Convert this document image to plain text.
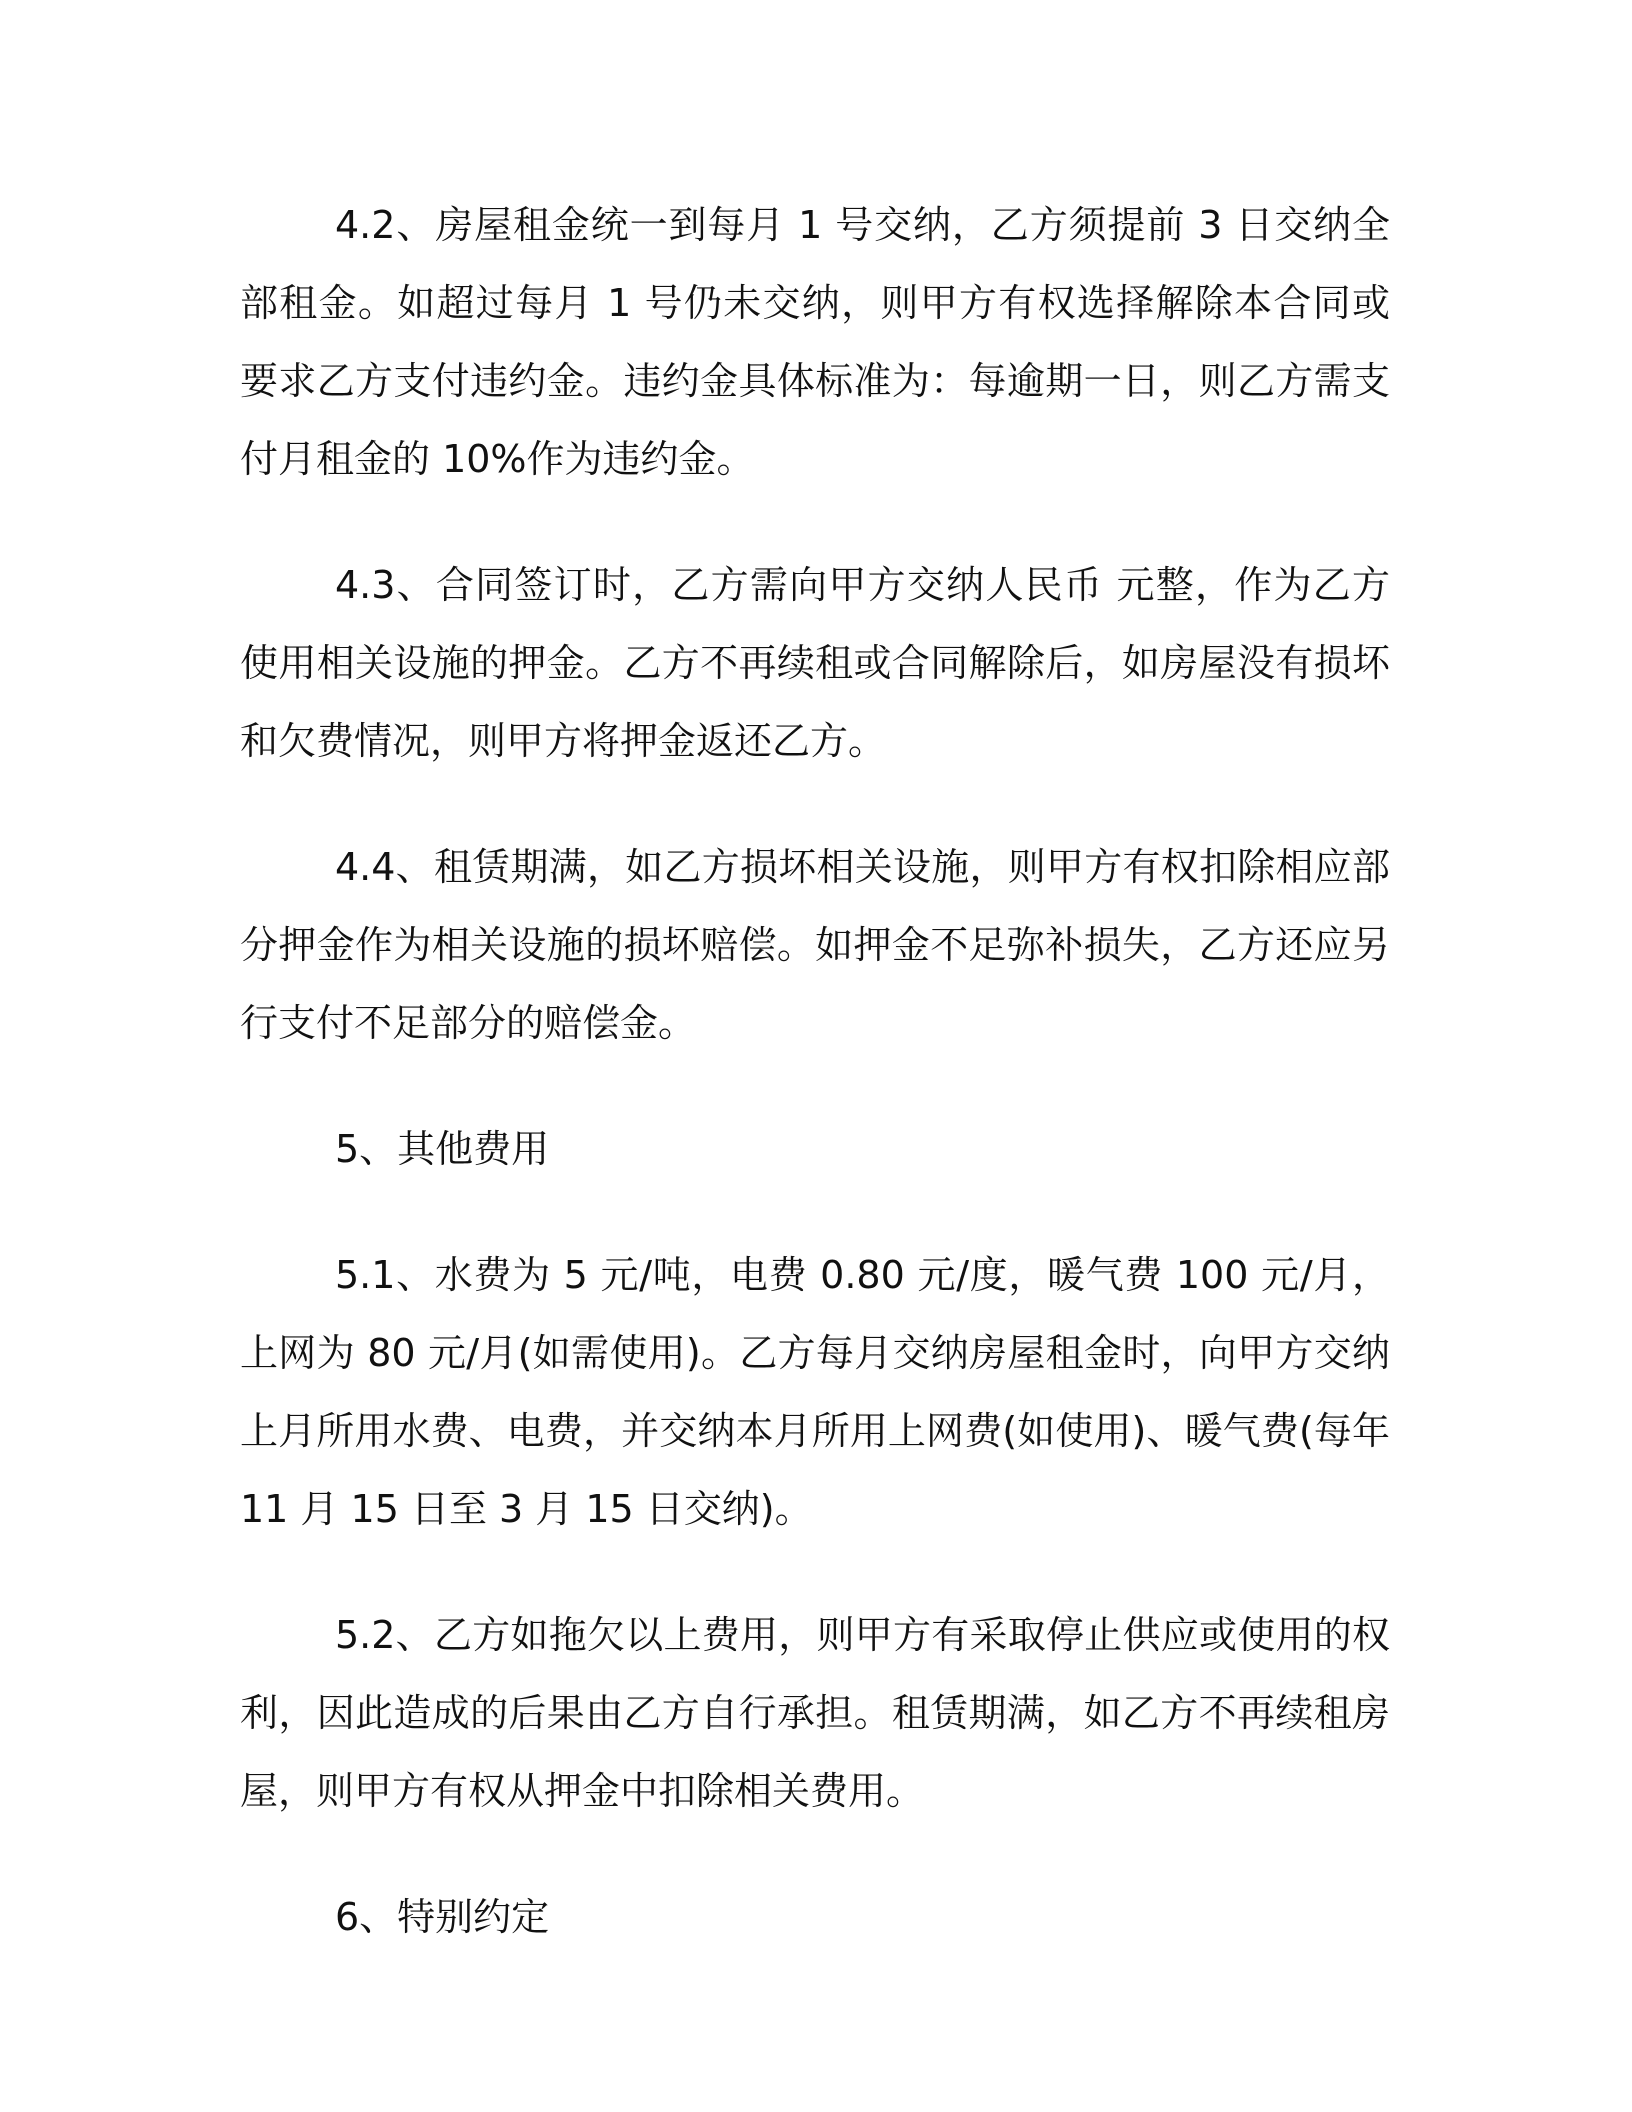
4.2、房屋租金统一到每月 1 号交纳，乙方须提前 3 日交纳全部租金。如超过每月 1 号仍未交纳，则甲方有权选择解除本合同或要求乙方支付违约金。违约金具体标准为：每逾期一日，则乙方需支付月租金的 10%作为违约金。

4.3、合同签订时，乙方需向甲方交纳人民币 元整，作为乙方使用相关设施的押金。乙方不再续租或合同解除后，如房屋没有损坏和欠费情况，则甲方将押金返还乙方。

4.4、租赁期满，如乙方损坏相关设施，则甲方有权扣除相应部分押金作为相关设施的损坏赔偿。如押金不足弥补损失，乙方还应另行支付不足部分的赔偿金。

5、其他费用

5.1、水费为 5 元/吨，电费 0.80 元/度，暖气费 100 元/月，上网为 80 元/月(如需使用)。乙方每月交纳房屋租金时，向甲方交纳上月所用水费、电费，并交纳本月所用上网费(如使用)、暖气费(每年 11 月 15 日至 3 月 15 日交纳)。

5.2、乙方如拖欠以上费用，则甲方有采取停止供应或使用的权利，因此造成的后果由乙方自行承担。租赁期满，如乙方不再续租房屋，则甲方有权从押金中扣除相关费用。

6、特别约定
